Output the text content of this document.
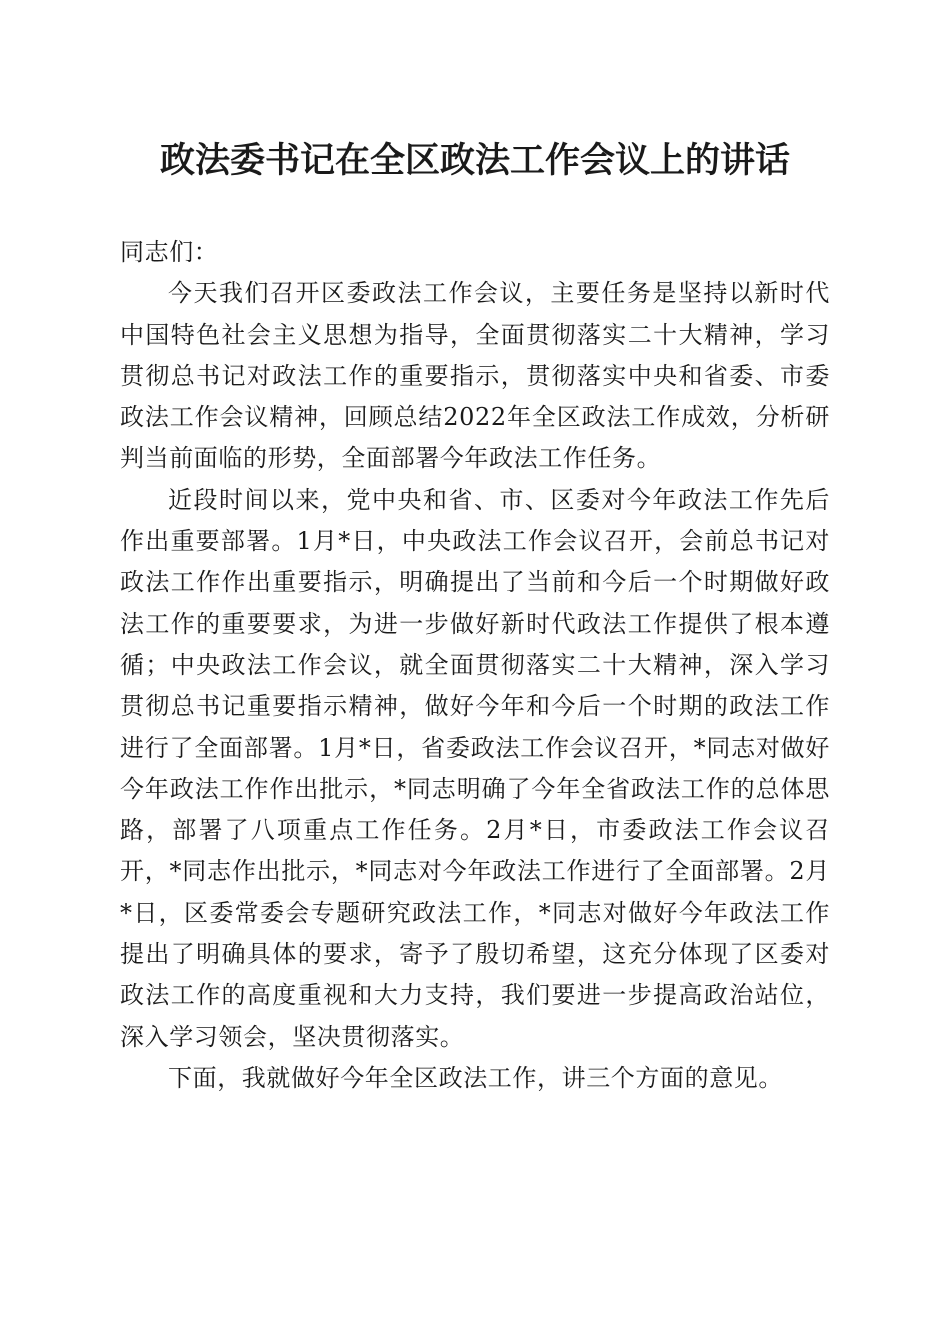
政法委书记在全区政法工作会议上的讲话

同志们：

今天我们召开区委政法工作会议，主要任务是坚持以新时代中国特色社会主义思想为指导，全面贯彻落实二十大精神，学习贯彻总书记对政法工作的重要指示，贯彻落实中央和省委、市委政法工作会议精神，回顾总结2022年全区政法工作成效，分析研判当前面临的形势，全面部署今年政法工作任务。

近段时间以来，党中央和省、市、区委对今年政法工作先后作出重要部署。1月*日，中央政法工作会议召开，会前总书记对政法工作作出重要指示，明确提出了当前和今后一个时期做好政法工作的重要要求，为进一步做好新时代政法工作提供了根本遵循；中央政法工作会议，就全面贯彻落实二十大精神，深入学习贯彻总书记重要指示精神，做好今年和今后一个时期的政法工作进行了全面部署。1月*日，省委政法工作会议召开，*同志对做好今年政法工作作出批示，*同志明确了今年全省政法工作的总体思路，部署了八项重点工作任务。2月*日，市委政法工作会议召开，*同志作出批示，*同志对今年政法工作进行了全面部署。2月*日，区委常委会专题研究政法工作，*同志对做好今年政法工作提出了明确具体的要求，寄予了殷切希望，这充分体现了区委对政法工作的高度重视和大力支持，我们要进一步提高政治站位，深入学习领会，坚决贯彻落实。

下面，我就做好今年全区政法工作，讲三个方面的意见。
